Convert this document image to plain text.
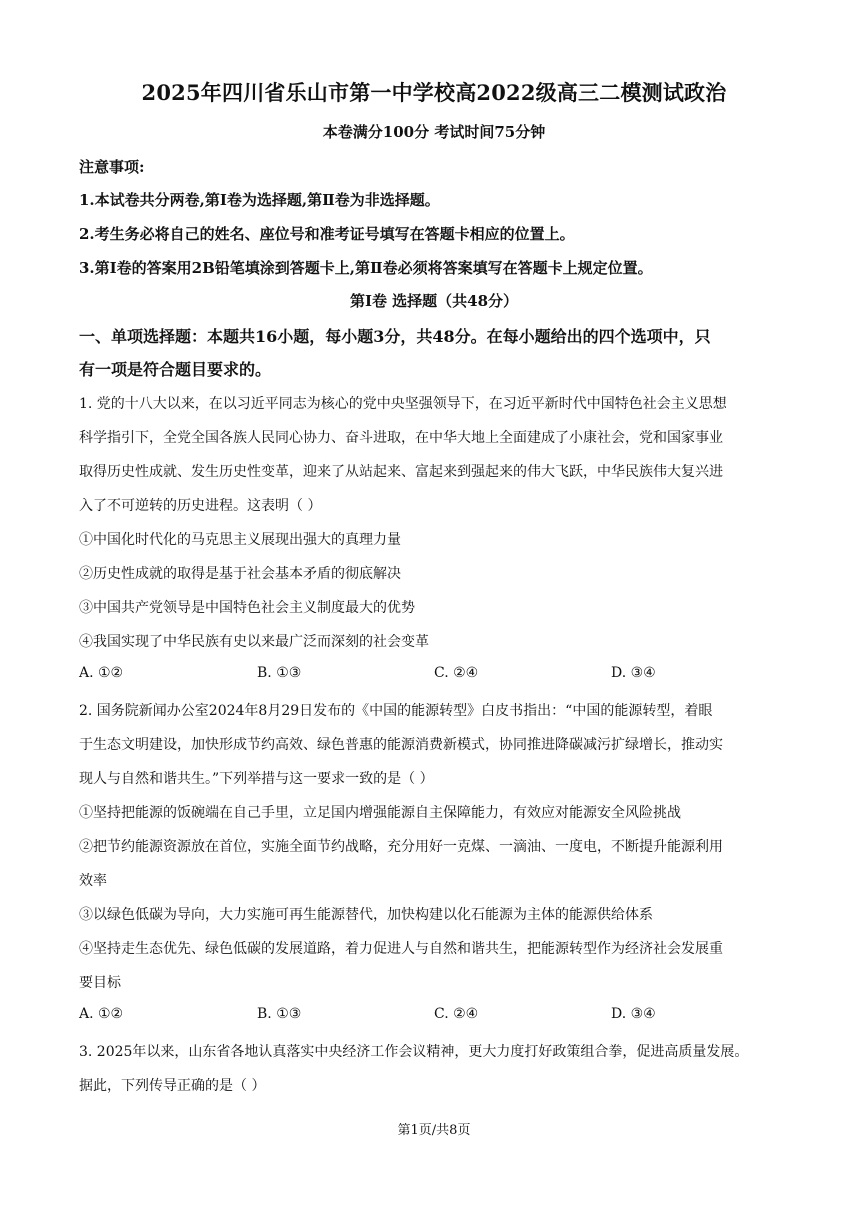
2025年四川省乐山市第一中学校高2022级高三二模测试政治
本卷满分100分 考试时间75分钟
注意事项:
1.本试卷共分两卷,第Ⅰ卷为选择题,第Ⅱ卷为非选择题。
2.考生务必将自己的姓名、座位号和准考证号填写在答题卡相应的位置上。
3.第Ⅰ卷的答案用2B铅笔填涂到答题卡上,第Ⅱ卷必须将答案填写在答题卡上规定位置。
第Ⅰ卷 选择题（共48分）
一、单项选择题：本题共16小题，每小题3分，共48分。在每小题给出的四个选项中，只
有一项是符合题目要求的。
1. 党的十八大以来，在以习近平同志为核心的党中央坚强领导下，在习近平新时代中国特色社会主义思想
科学指引下，全党全国各族人民同心协力、奋斗进取，在中华大地上全面建成了小康社会，党和国家事业
取得历史性成就、发生历史性变革，迎来了从站起来、富起来到强起来的伟大飞跃，中华民族伟大复兴进
入了不可逆转的历史进程。这表明（ ）
①中国化时代化的马克思主义展现出强大的真理力量
②历史性成就的取得是基于社会基本矛盾的彻底解决
③中国共产党领导是中国特色社会主义制度最大的优势
④我国实现了中华民族有史以来最广泛而深刻的社会变革
A. ①②	B. ①③	C. ②④	D. ③④
2. 国务院新闻办公室2024年8月29日发布的《中国的能源转型》白皮书指出：“中国的能源转型，着眼
于生态文明建设，加快形成节约高效、绿色普惠的能源消费新模式，协同推进降碳减污扩绿增长，推动实
现人与自然和谐共生。”下列举措与这一要求一致的是（ ）
①坚持把能源的饭碗端在自己手里，立足国内增强能源自主保障能力，有效应对能源安全风险挑战
②把节约能源资源放在首位，实施全面节约战略，充分用好一克煤、一滴油、一度电，不断提升能源利用
效率
③以绿色低碳为导向，大力实施可再生能源替代，加快构建以化石能源为主体的能源供给体系
④坚持走生态优先、绿色低碳的发展道路，着力促进人与自然和谐共生，把能源转型作为经济社会发展重
要目标
A. ①②	B. ①③	C. ②④	D. ③④
3. 2025年以来，山东省各地认真落实中央经济工作会议精神，更大力度打好政策组合拳，促进高质量发展。
据此，下列传导正确的是（ ）
第1页/共8页
